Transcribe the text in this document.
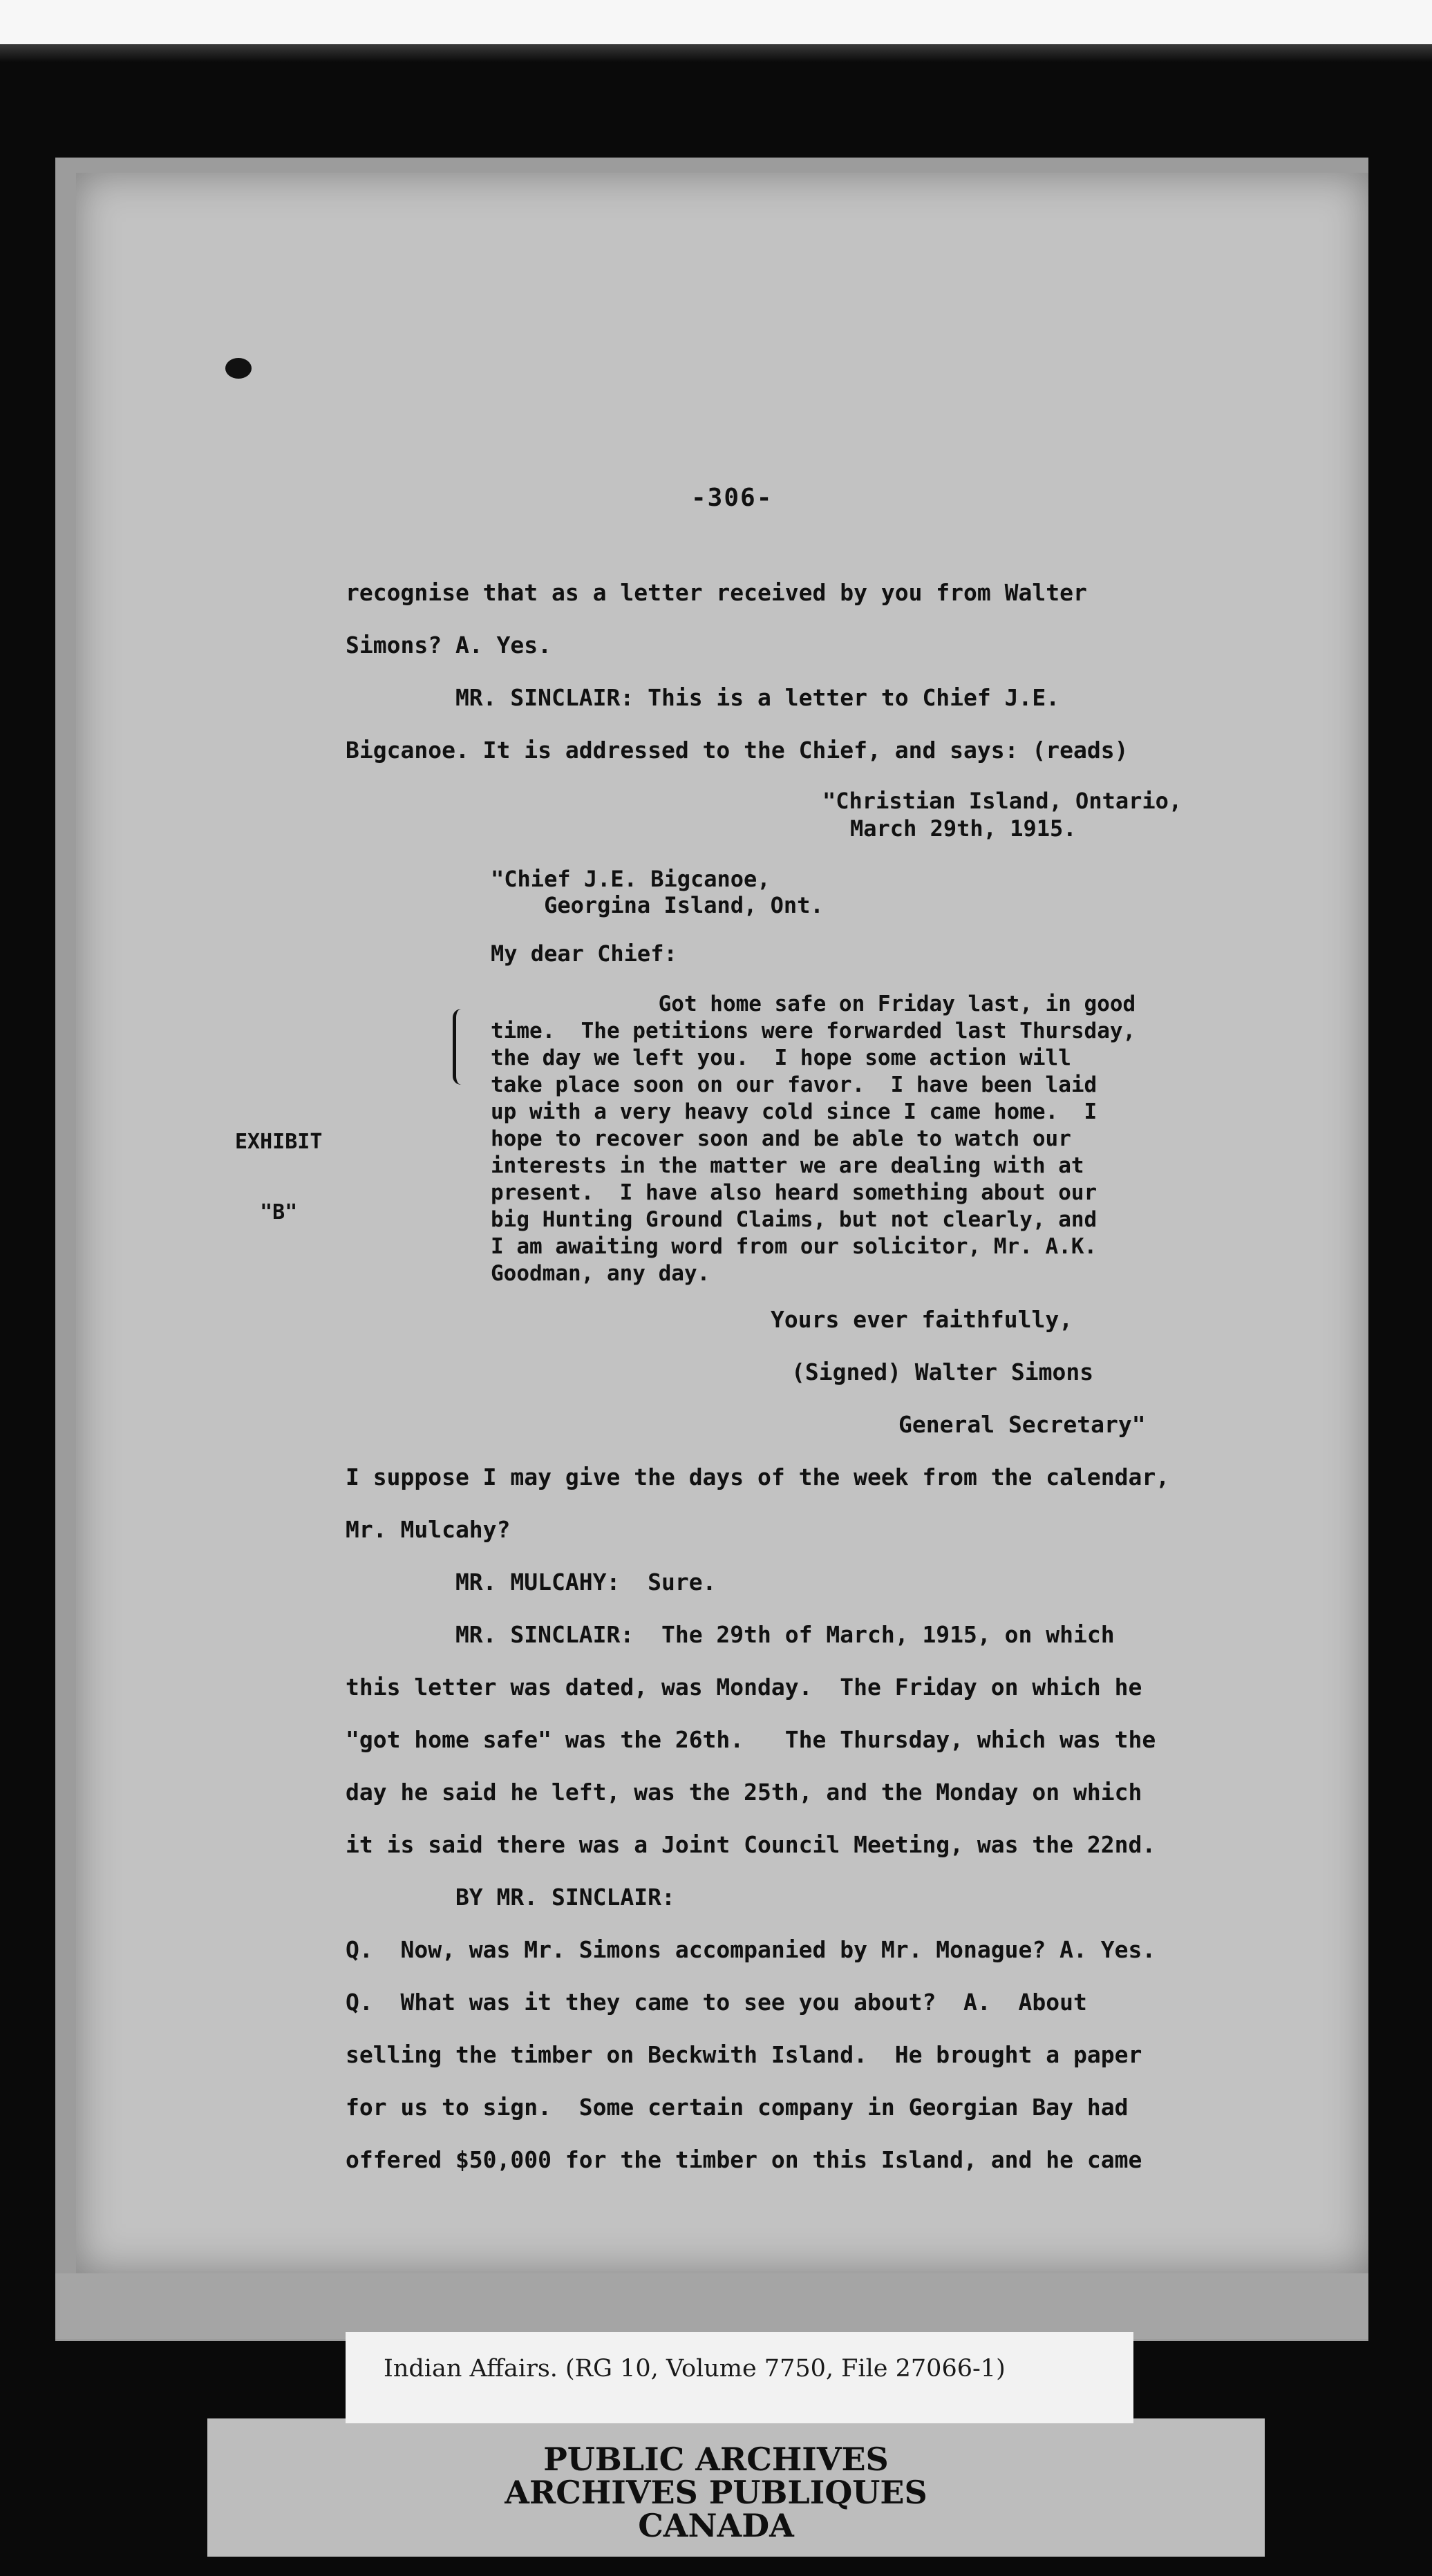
-306-
recognise that as a letter received by you from Walter
Simons? A. Yes.
MR. SINCLAIR: This is a letter to Chief J.E.
Bigcanoe. It is addressed to the Chief, and says: (reads)
"Christian Island, Ontario,
March 29th, 1915.
"Chief J.E. Bigcanoe,
Georgina Island, Ont.
My dear Chief:

EXHIBIT

"B"

Got home safe on Friday last, in good
time.  The petitions were forwarded last Thursday,
the day we left you.  I hope some action will
take place soon on our favor.  I have been laid
up with a very heavy cold since I came home.  I
hope to recover soon and be able to watch our
interests in the matter we are dealing with at
present.  I have also heard something about our
big Hunting Ground Claims, but not clearly, and
I am awaiting word from our solicitor, Mr. A.K.
Goodman, any day.
Yours ever faithfully,
(Signed) Walter Simons
General Secretary"
I suppose I may give the days of the week from the calendar,
Mr. Mulcahy?
MR. MULCAHY:  Sure.
MR. SINCLAIR:  The 29th of March, 1915, on which
this letter was dated, was Monday.  The Friday on which he
"got home safe" was the 26th.   The Thursday, which was the
day he said he left, was the 25th, and the Monday on which
it is said there was a Joint Council Meeting, was the 22nd.
BY MR. SINCLAIR:
Q.  Now, was Mr. Simons accompanied by Mr. Monague? A. Yes.
Q.  What was it they came to see you about?  A.  About
selling the timber on Beckwith Island.  He brought a paper
for us to sign.  Some certain company in Georgian Bay had
offered $50,000 for the timber on this Island, and he came
Indian Affairs. (RG 10, Volume 7750, File 27066-1)
PUBLIC ARCHIVES
ARCHIVES PUBLIQUES
CANADA
